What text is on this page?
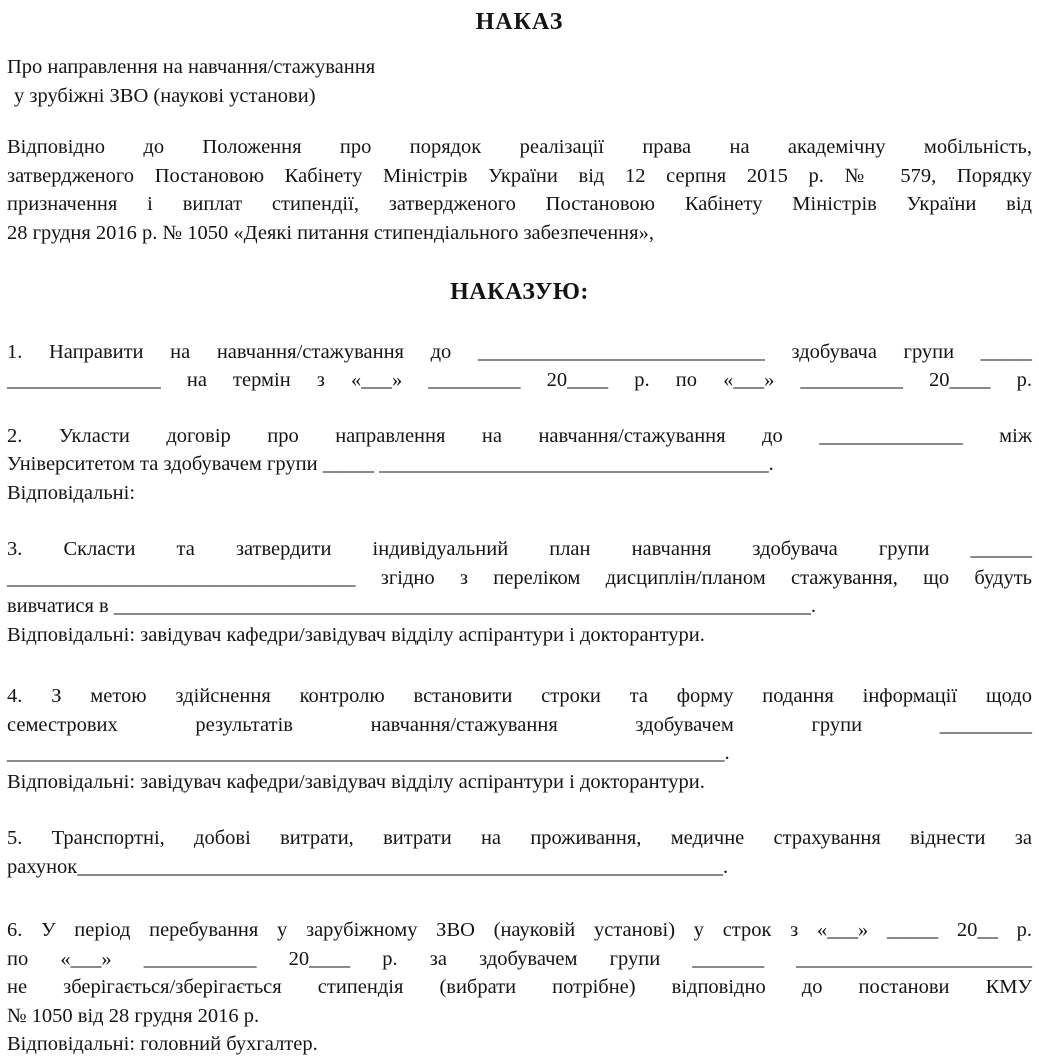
НАКАЗ
Про направлення на навчання/стажування
у зрубіжні ЗВО (наукові установи)
Відповідно до Положення про порядок реалізації права на академічну мобільність,
затвердженого Постановою Кабінету Міністрів України від 12 серпня 2015 р. № 579, Порядку
призначення і виплат стипендії, затвердженого Постановою Кабінету Міністрів України від
28 грудня 2016 р. № 1050 «Деякі питання стипендіального забезпечення»,
НАКАЗУЮ:
1. Направити на навчання/стажування до ____________________________ здобувача групи _____
_______________ на термін з «___» _________ 20____ р. по «___» __________ 20____ р.
2. Укласти договір про направлення на навчання/стажування до ______________ між
Університетом та здобувачем групи _____ ______________________________________.
Відповідальні:
3. Скласти та затвердити індивідуальний план навчання здобувача групи ______
__________________________________ згідно з переліком дисциплін/планом стажування, що будуть
вивчатися в ____________________________________________________________________.
Відповідальні: завідувач кафедри/завідувач відділу аспірантури і докторантури.
4. З метою здійснення контролю встановити строки та форму подання інформації щодо
семестрових результатів навчання/стажування здобувачем групи _________
______________________________________________________________________.
Відповідальні: завідувач кафедри/завідувач відділу аспірантури і докторантури.
5. Транспортні, добові витрати, витрати на проживання, медичне страхування віднести за
рахунок_______________________________________________________________.
6. У період перебування у зарубіжному ЗВО (науковій установі) у строк з «___» _____ 20__ р.
по «___» ___________ 20____ р. за здобувачем групи _______ _______________________
не зберігається/зберігається стипендія (вибрати потрібне) відповідно до постанови КМУ
№ 1050 від 28 грудня 2016 р.
Відповідальні: головний бухгалтер.
